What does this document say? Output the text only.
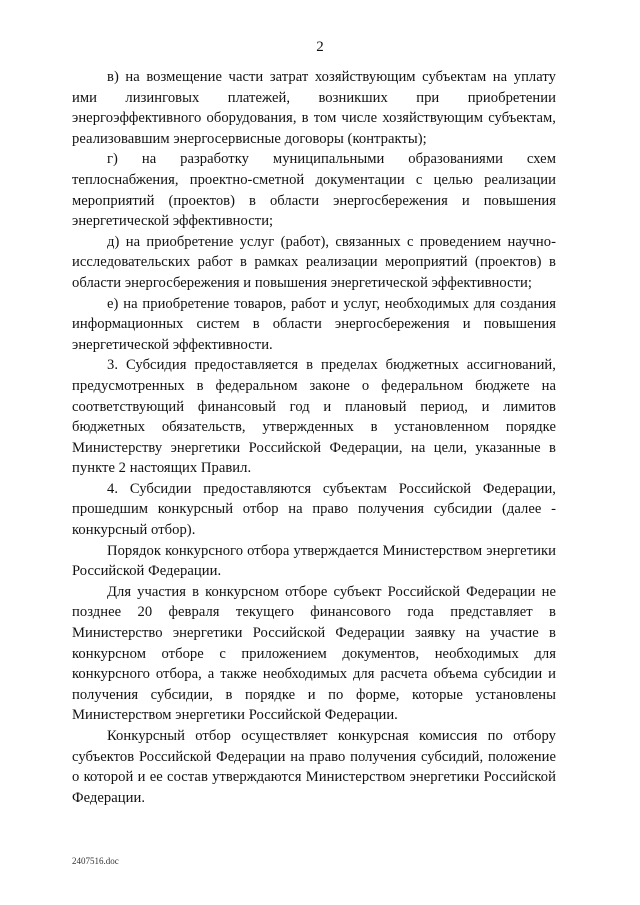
2

в) на возмещение части затрат хозяйствующим субъектам на уплату ими лизинговых платежей, возникших при приобретении энергоэффективного оборудования, в том числе хозяйствующим субъектам, реализовавшим энергосервисные договоры (контракты);

г) на разработку муниципальными образованиями схем теплоснабжения, проектно-сметной документации с целью реализации мероприятий (проектов) в области энергосбережения и повышения энергетической эффективности;

д) на приобретение услуг (работ), связанных с проведением научно-исследовательских работ в рамках реализации мероприятий (проектов) в области энергосбережения и повышения энергетической эффективности;

е) на приобретение товаров, работ и услуг, необходимых для создания информационных систем в области энергосбережения и повышения энергетической эффективности.

3. Субсидия предоставляется в пределах бюджетных ассигнований, предусмотренных в федеральном законе о федеральном бюджете на соответствующий финансовый год и плановый период, и лимитов бюджетных обязательств, утвержденных в установленном порядке Министерству энергетики Российской Федерации, на цели, указанные в пункте 2 настоящих Правил.

4. Субсидии предоставляются субъектам Российской Федерации, прошедшим конкурсный отбор на право получения субсидии (далее - конкурсный отбор).

Порядок конкурсного отбора утверждается Министерством энергетики Российской Федерации.

Для участия в конкурсном отборе субъект Российской Федерации не позднее 20 февраля текущего финансового года представляет в Министерство энергетики Российской Федерации заявку на участие в конкурсном отборе с приложением документов, необходимых для конкурсного отбора, а также необходимых для расчета объема субсидии и получения субсидии, в порядке и по форме, которые установлены Министерством энергетики Российской Федерации.

Конкурсный отбор осуществляет конкурсная комиссия по отбору субъектов Российской Федерации на право получения субсидий, положение о которой и ее состав утверждаются Министерством энергетики Российской Федерации.

2407516.doc
